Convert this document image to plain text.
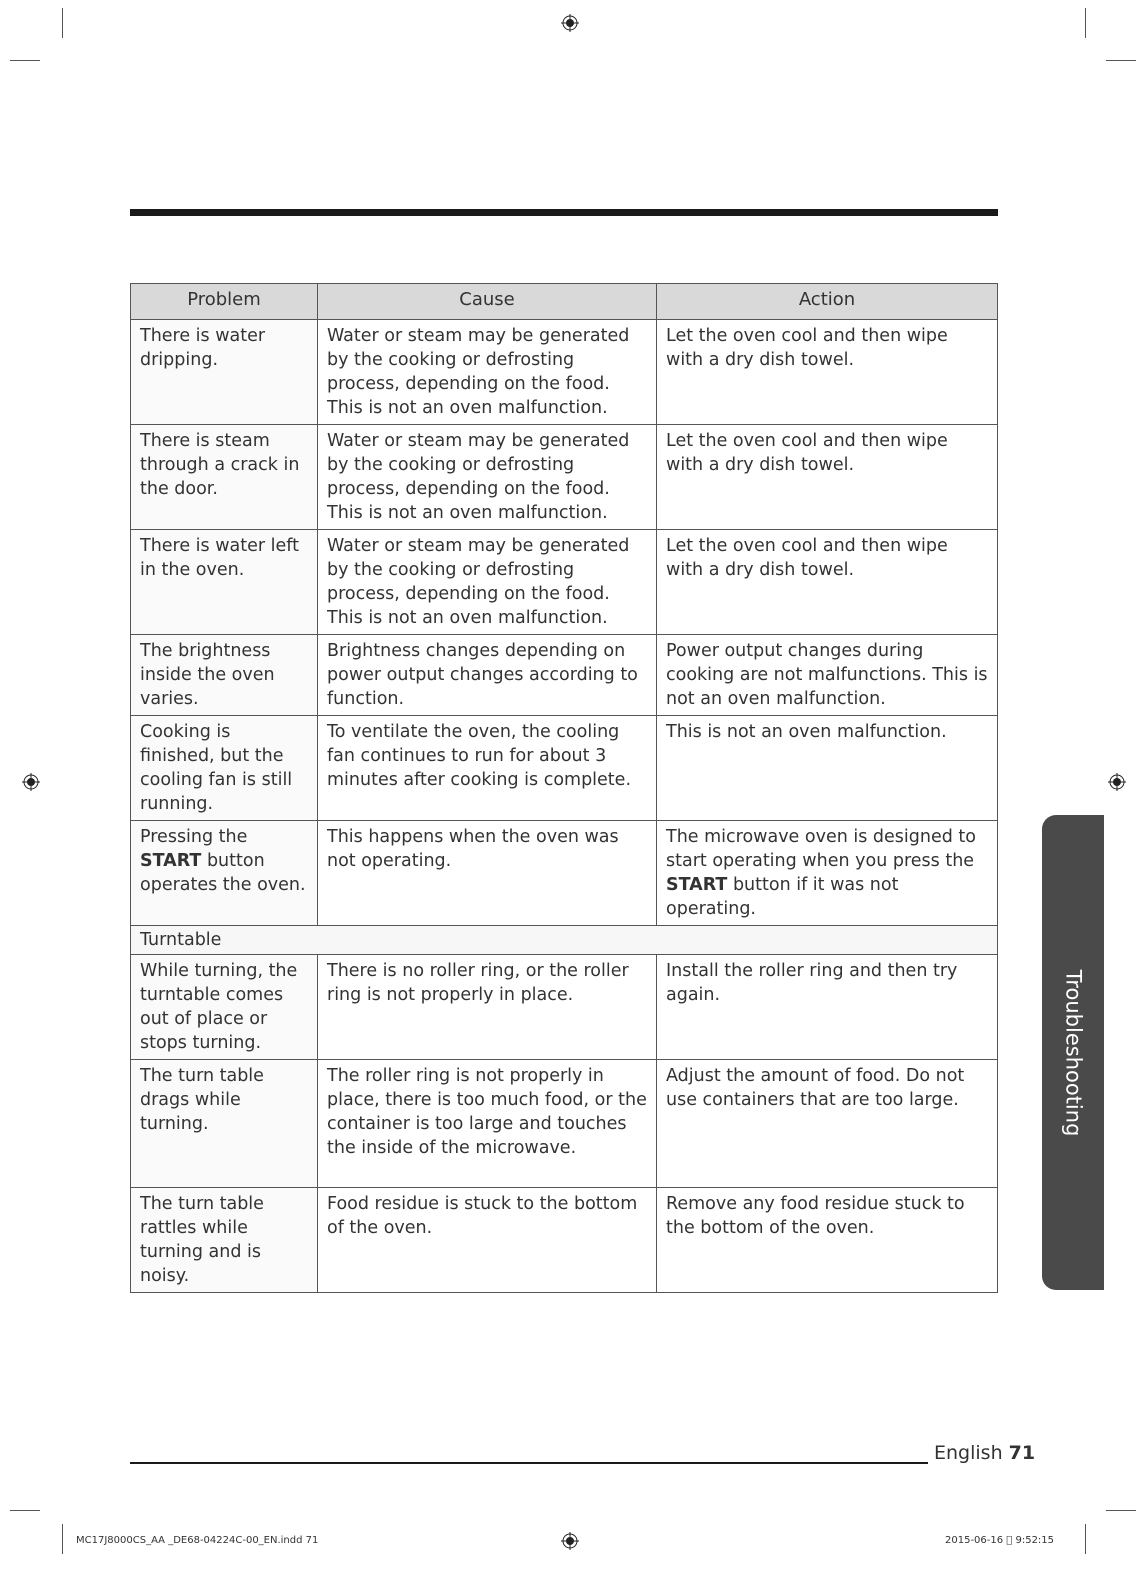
Problem	Cause	Action
There is water dripping.	Water or steam may be generated by the cooking or defrosting process, depending on the food. This is not an oven malfunction.	Let the oven cool and then wipe with a dry dish towel.
There is steam through a crack in the door.	Water or steam may be generated by the cooking or defrosting process, depending on the food. This is not an oven malfunction.	Let the oven cool and then wipe with a dry dish towel.
There is water left in the oven.	Water or steam may be generated by the cooking or defrosting process, depending on the food. This is not an oven malfunction.	Let the oven cool and then wipe with a dry dish towel.
The brightness inside the oven varies.	Brightness changes depending on power output changes according to function.	Power output changes during cooking are not malfunctions. This is not an oven malfunction.
Cooking is finished, but the cooling fan is still running.	To ventilate the oven, the cooling fan continues to run for about 3 minutes after cooking is complete.	This is not an oven malfunction.
Pressing the START button operates the oven.	This happens when the oven was not operating.	The microwave oven is designed to start operating when you press the START button if it was not operating.
Turntable		
While turning, the turntable comes out of place or stops turning.	There is no roller ring, or the roller ring is not properly in place.	Install the roller ring and then try again.
The turn table drags while turning.	The roller ring is not properly in place, there is too much food, or the container is too large and touches the inside of the microwave.	Adjust the amount of food. Do not use containers that are too large.
The turn table rattles while turning and is noisy.	Food residue is stuck to the bottom of the oven.	Remove any food residue stuck to the bottom of the oven.
Troubleshooting
English 71
MC17J8000CS_AA _DE68-04224C-00_EN.indd 71	2015-06-16   9:52:15
